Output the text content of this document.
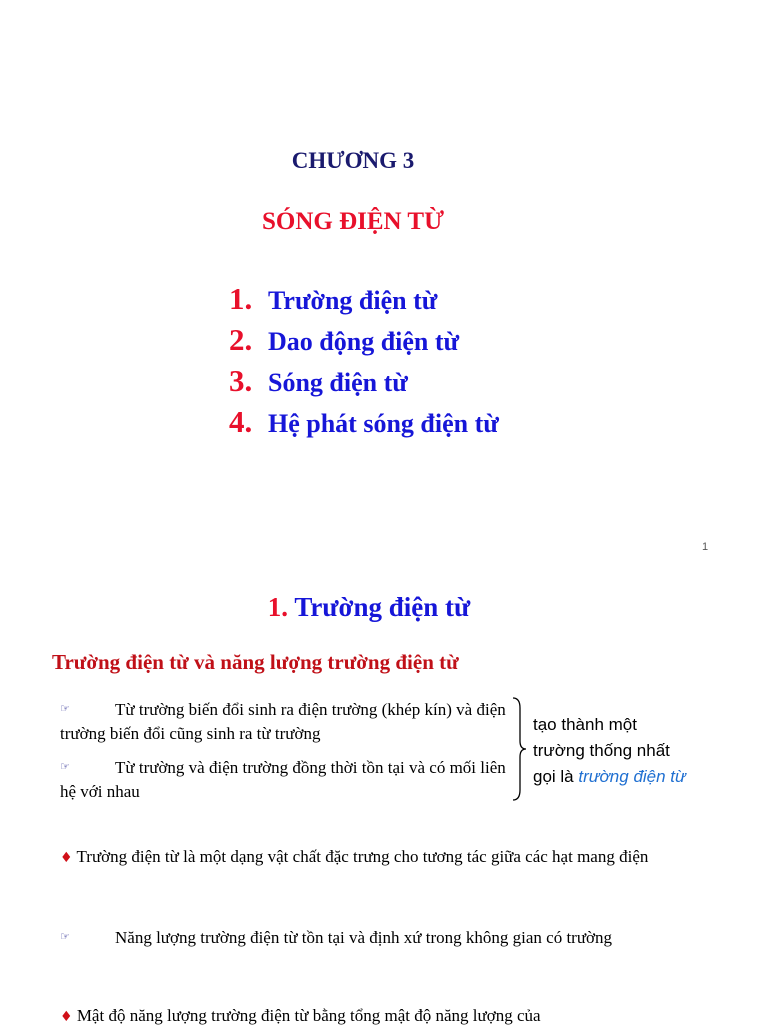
CHƯƠNG 3
SÓNG ĐIỆN TỪ
1. Trường điện từ
2. Dao động điện từ
3. Sóng điện từ
4. Hệ phát sóng điện từ
1
1. Trường điện từ
Trường điện từ và năng lượng trường điện từ
☞	Từ trường biến đổi sinh ra điện trường (khép kín) và điện trường biến đổi cũng sinh ra từ trường
☞	Từ trường và điện trường đồng thời tồn tại và có mối liên hệ với nhau
tạo thành một
trường thống nhất
gọi là trường điện từ
♦ Trường điện từ là một dạng vật chất đặc trưng cho tương tác giữa các hạt mang điện
☞	Năng lượng trường điện từ tồn tại và định xứ trong không gian có trường
♦ Mật độ năng lượng trường điện từ bằng tổng mật độ năng lượng của
